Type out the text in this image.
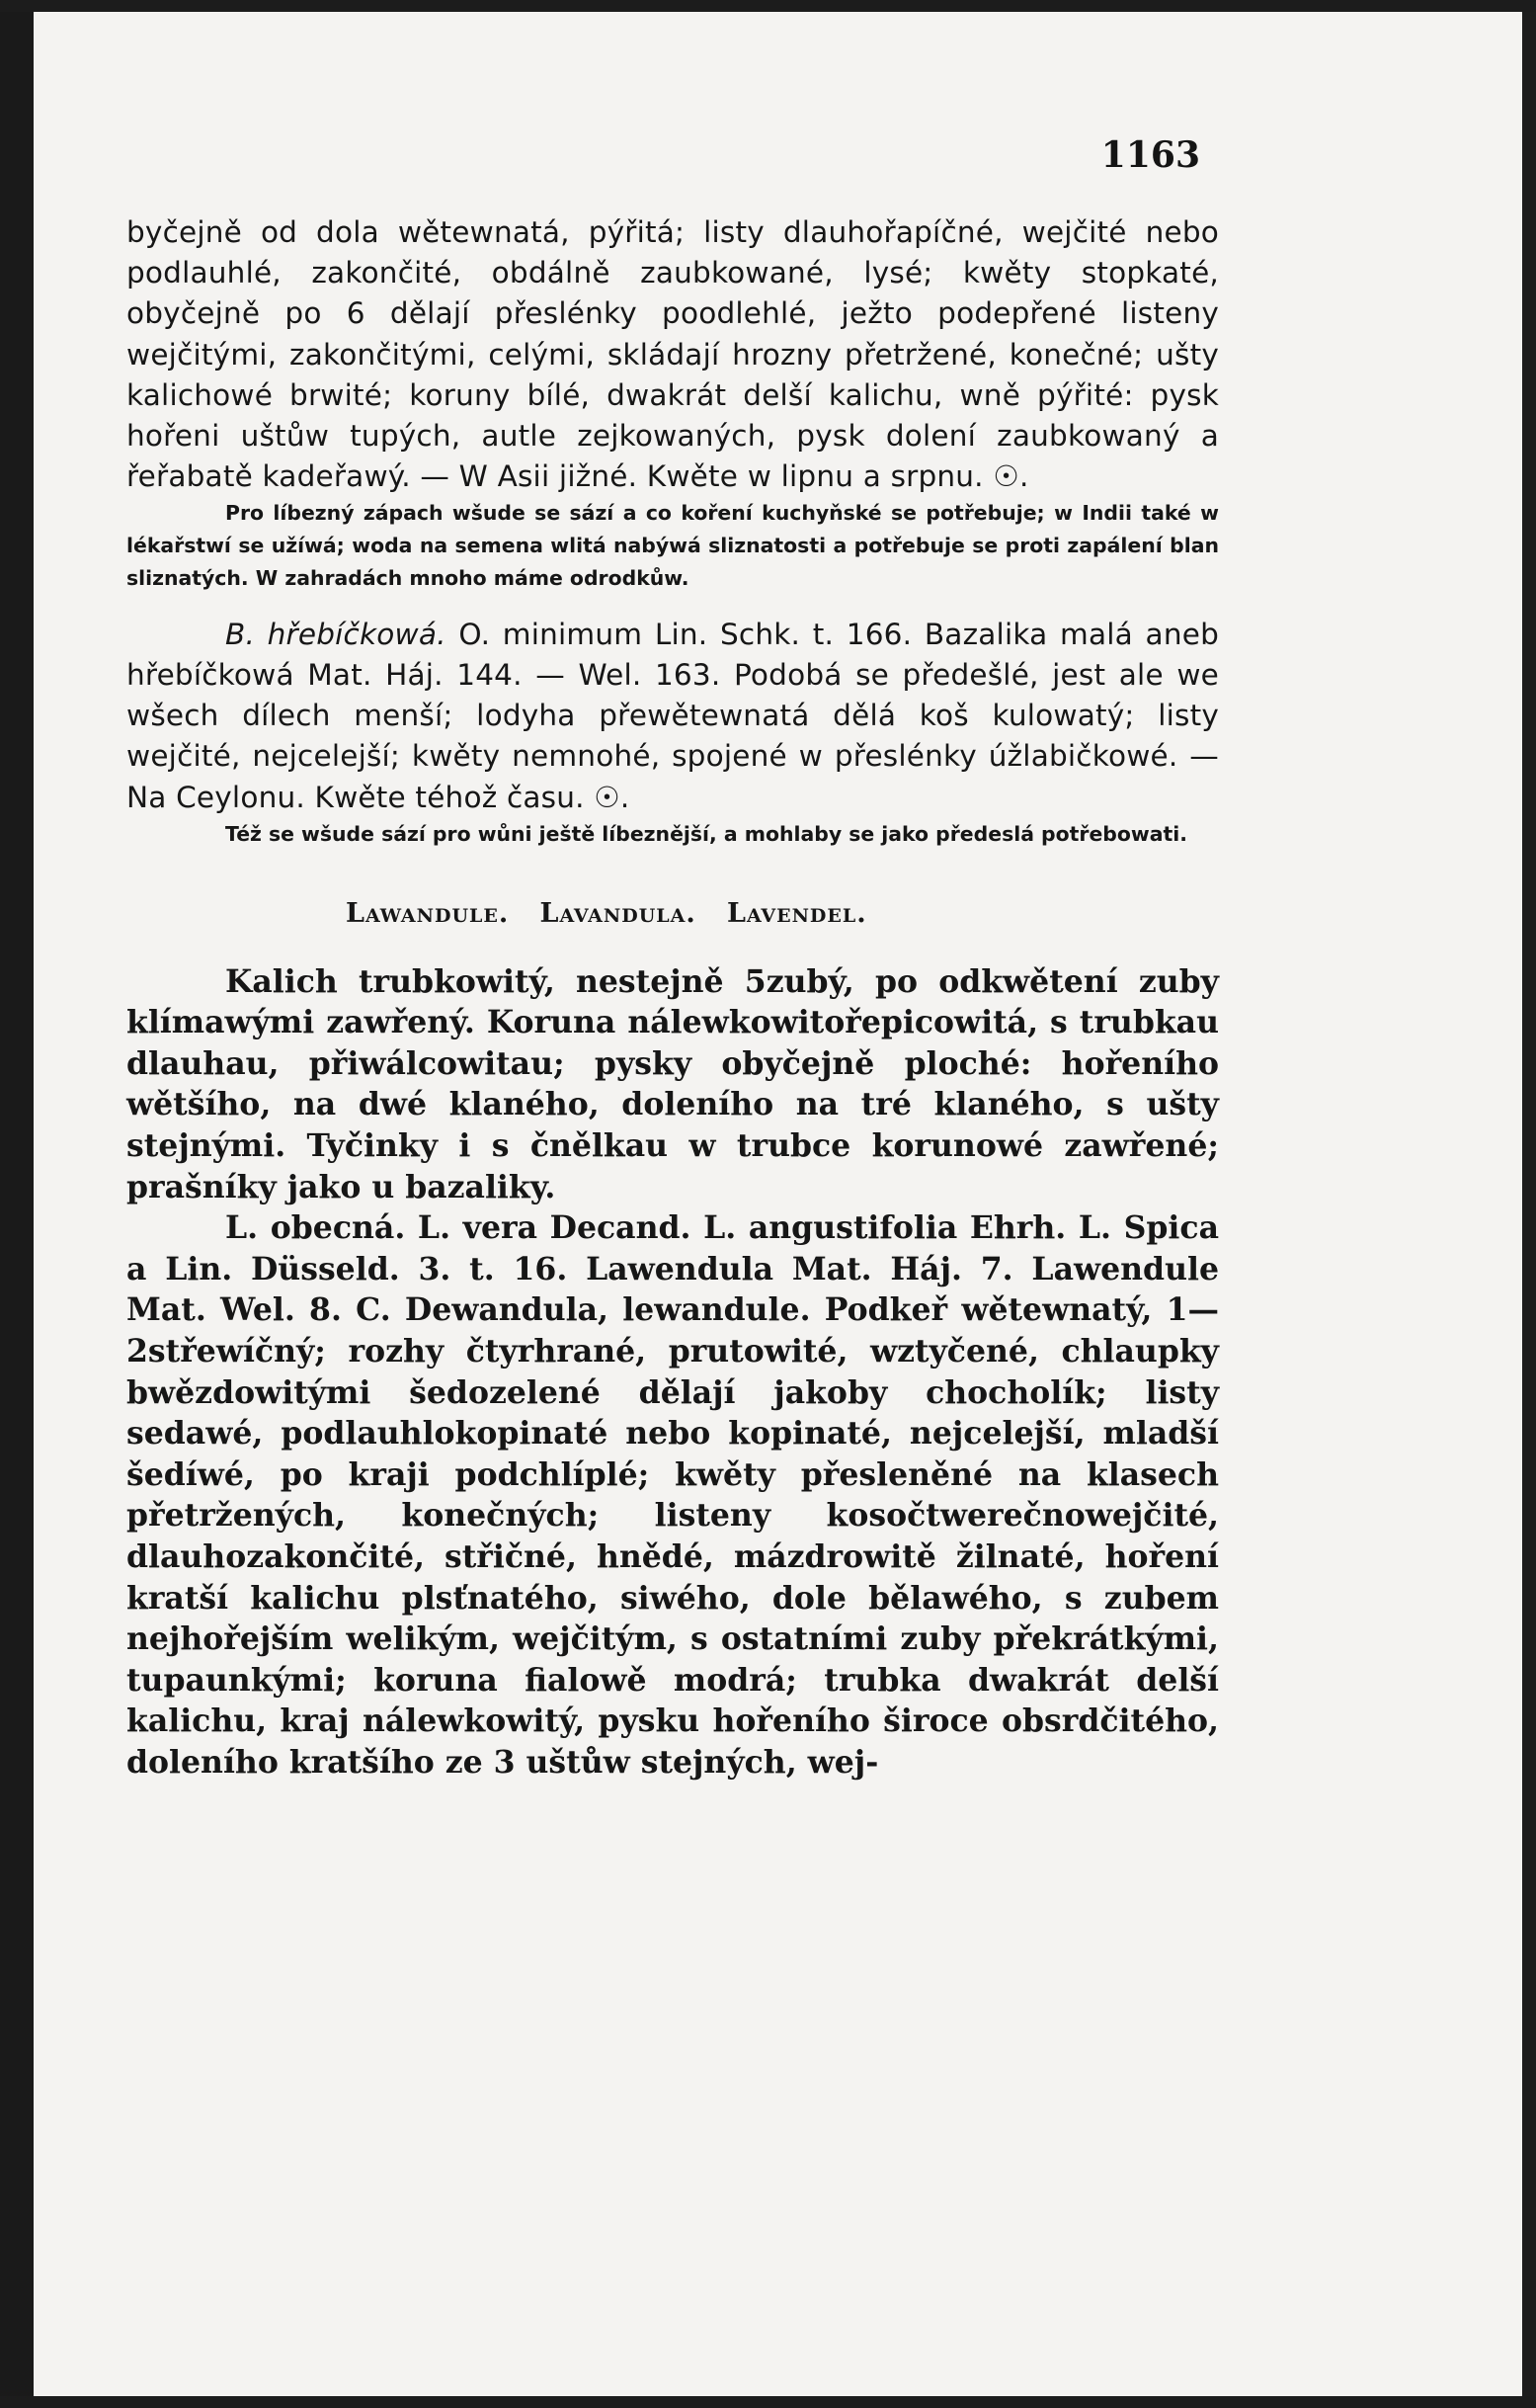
1163

byčejně od dola wětewnatá, pýřitá; listy dlauhořapíčné, wejčité nebo podlauhlé, zakončité, obdálně zaubkowané, lysé; kwěty stopkaté, obyčejně po 6 dělají přeslénky poodlehlé, ježto podepřené listeny wejčitými, zakončitými, celými, skládají hrozny přetržené, konečné; ušty kalichowé brwité; koruny bílé, dwakrát delší kalichu, wně pýřité: pysk hořeni uštůw tupých, autle zejkowaných, pysk dolení zaubkowaný a řeřabatě kadeřawý. — W Asii jižné. Kwěte w lipnu a srpnu. ☉.

Pro líbezný zápach wšude se sází a co koření kuchyňské se potřebuje; w Indii také w lékařstwí se užíwá; woda na semena wlitá nabýwá sliznatosti a potřebuje se proti zapálení blan sliznatých. W zahradách mnoho máme odrodkůw.

B. hřebíčkowá. O. minimum Lin. Schk. t. 166. Bazalika malá aneb hřebíčkowá Mat. Háj. 144. — Wel. 163. Podobá se předešlé, jest ale we wšech dílech menší; lodyha přewětewnatá dělá koš kulowatý; listy wejčité, nejcelejší; kwěty nemnohé, spojené w přeslénky úžlabičkowé. — Na Ceylonu. Kwěte téhož času. ☉.

Též se wšude sází pro wůni ještě líbeznější, a mohlaby se jako předeslá potřebowati.

Lawandule. Lavandula. Lavendel.

Kalich trubkowitý, nestejně 5zubý, po odkwětení zuby klímawými zawřený. Koruna nálewkowitořepicowitá, s trubkau dlauhau, přiwálcowitau; pysky obyčejně ploché: hořeního wětšího, na dwé klaného, doleního na tré klaného, s ušty stejnými. Tyčinky i s čnělkau w trubce korunowé zawřené; prašníky jako u bazaliky.

L. obecná. L. vera Decand. L. angustifolia Ehrh. L. Spica a Lin. Düsseld. 3. t. 16. Lawendula Mat. Háj. 7. Lawendule Mat. Wel. 8. C. Dewandula, lewandule. Podkeř wětewnatý, 1—2střewíčný; rozhy čtyrhrané, prutowité, wztyčené, chlaupky bwězdowitými šedozelené dělají jakoby chocholík; listy sedawé, podlauhlokopinaté nebo kopinaté, nejcelejší, mladší šedíwé, po kraji podchlíplé; kwěty přesleněné na klasech přetržených, konečných; listeny kosočtwerečnowejčité, dlauhozakončité, střičné, hnědé, mázdrowitě žilnaté, hoření kratší kalichu plsťnatého, siwého, dole bělawého, s zubem nejhořejším welikým, wejčitým, s ostatními zuby překrátkými, tupaunkými; koruna fialowě modrá; trubka dwakrát delší kalichu, kraj nálewkowitý, pysku hořeního široce obsrdčitého, doleního kratšího ze 3 uštůw stejných, wej-
